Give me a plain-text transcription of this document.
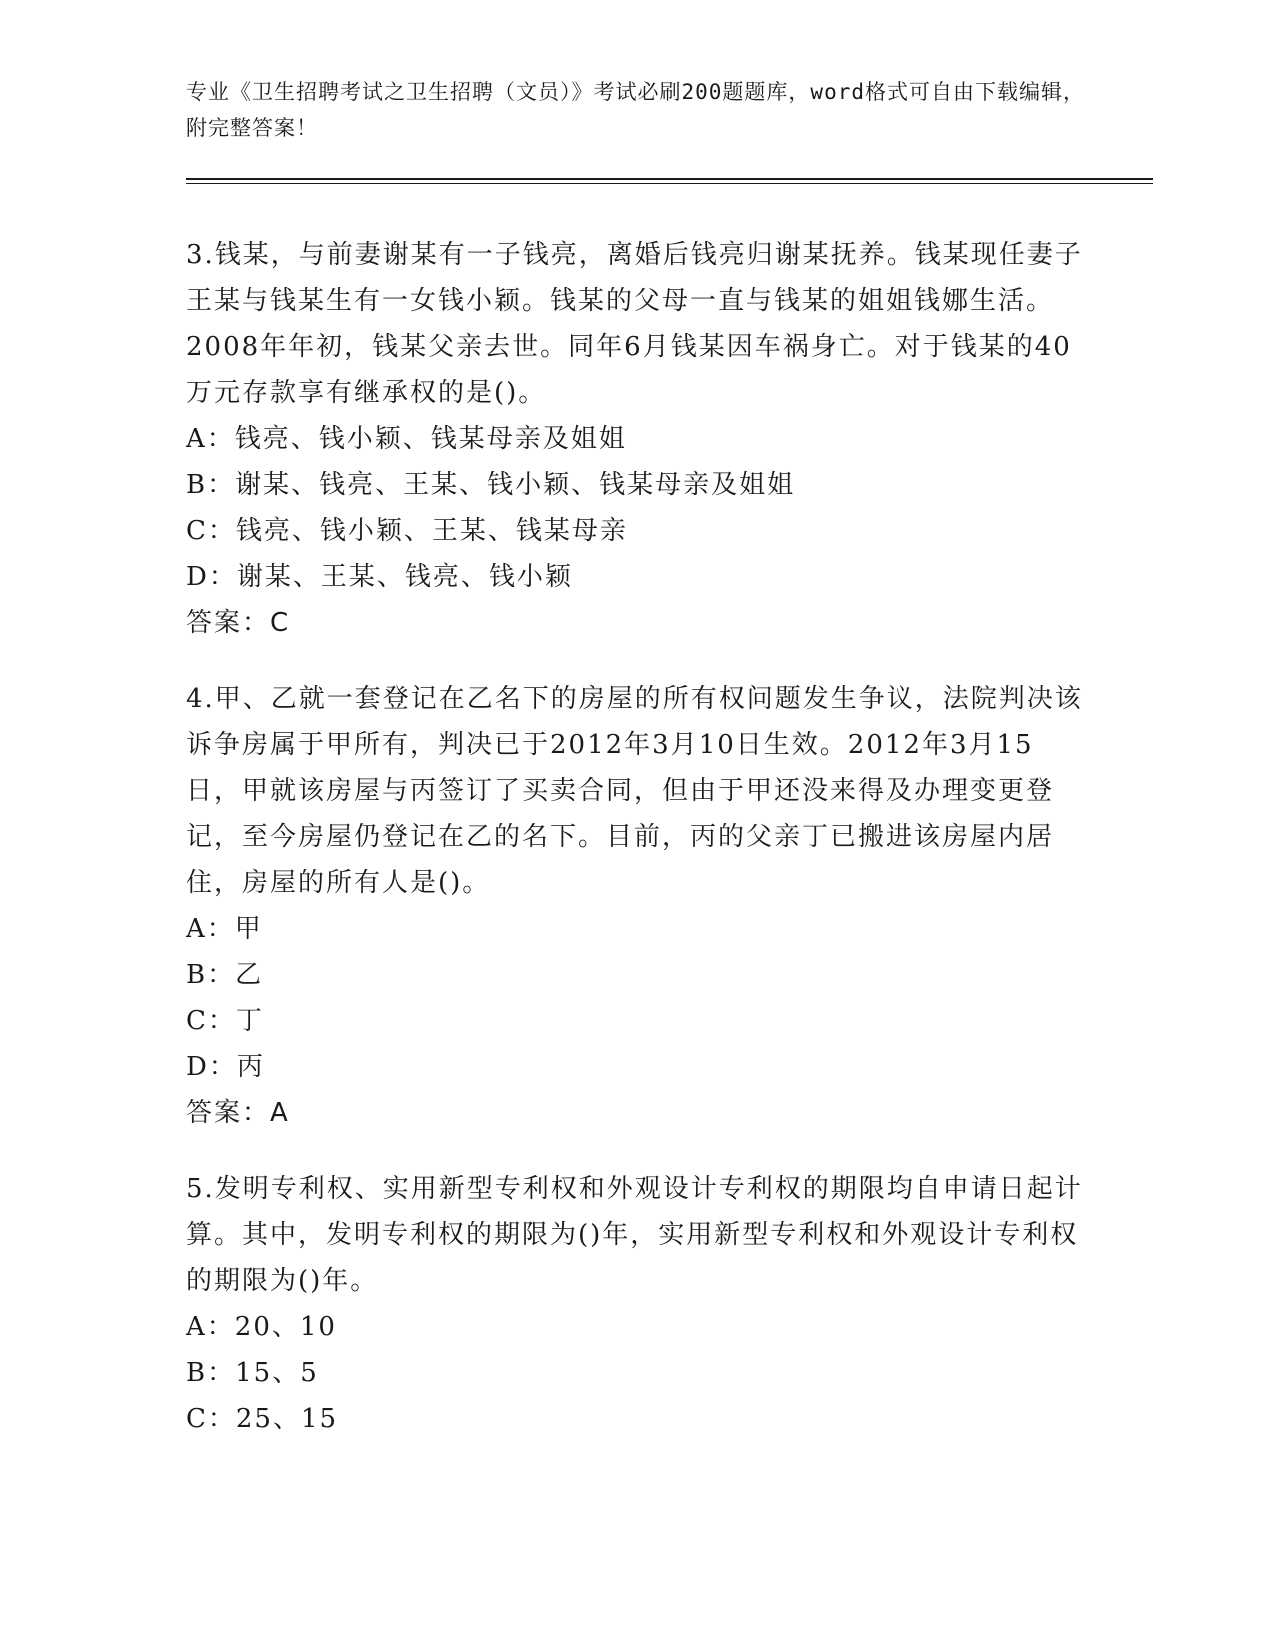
专业《卫生招聘考试之卫生招聘（文员）》考试必刷200题题库，word格式可自由下载编辑，附完整答案！

3.钱某，与前妻谢某有一子钱亮，离婚后钱亮归谢某抚养。钱某现任妻子王某与钱某生有一女钱小颖。钱某的父母一直与钱某的姐姐钱娜生活。2008年年初，钱某父亲去世。同年6月钱某因车祸身亡。对于钱某的40万元存款享有继承权的是()。

A：钱亮、钱小颖、钱某母亲及姐姐

B：谢某、钱亮、王某、钱小颖、钱某母亲及姐姐

C：钱亮、钱小颖、王某、钱某母亲

D：谢某、王某、钱亮、钱小颖

答案：C

4.甲、乙就一套登记在乙名下的房屋的所有权问题发生争议，法院判决该诉争房属于甲所有，判决已于2012年3月10日生效。2012年3月15日，甲就该房屋与丙签订了买卖合同，但由于甲还没来得及办理变更登记，至今房屋仍登记在乙的名下。目前，丙的父亲丁已搬进该房屋内居住，房屋的所有人是()。

A：甲

B：乙

C：丁

D：丙

答案：A

5.发明专利权、实用新型专利权和外观设计专利权的期限均自申请日起计算。其中，发明专利权的期限为()年，实用新型专利权和外观设计专利权的期限为()年。

A：20、10

B：15、5

C：25、15
